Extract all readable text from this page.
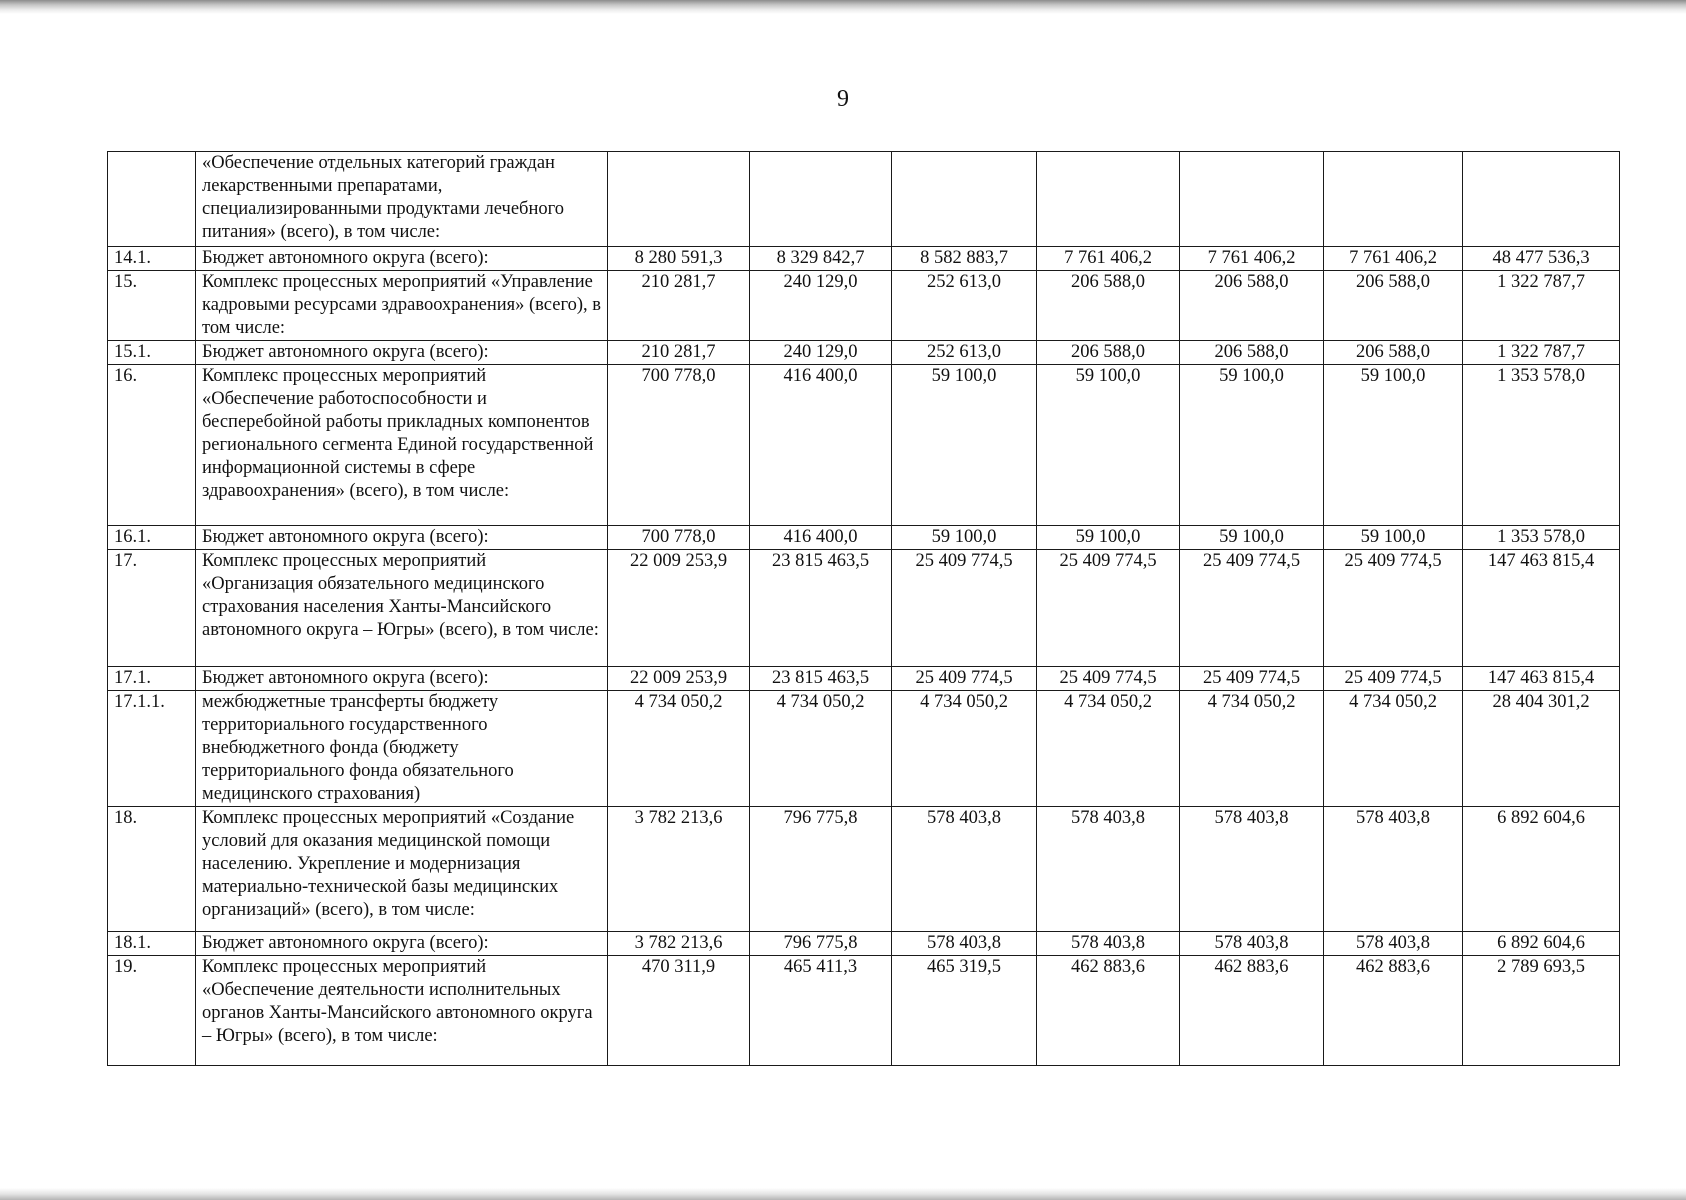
9
	«Обеспечение отдельных категорий граждан лекарственными препаратами, специализированными продуктами лечебного питания» (всего), в том числе:							
14.1.	Бюджет автономного округа (всего):	8 280 591,3	8 329 842,7	8 582 883,7	7 761 406,2	7 761 406,2	7 761 406,2	48 477 536,3
15.	Комплекс процессных мероприятий «Управление кадровыми ресурсами здравоохранения» (всего), в том числе:	210 281,7	240 129,0	252 613,0	206 588,0	206 588,0	206 588,0	1 322 787,7
15.1.	Бюджет автономного округа (всего):	210 281,7	240 129,0	252 613,0	206 588,0	206 588,0	206 588,0	1 322 787,7
16.	Комплекс процессных мероприятий «Обеспечение работоспособности и бесперебойной работы прикладных компонентов регионального сегмента Единой государственной информационной системы в сфере здравоохранения» (всего), в том числе:	700 778,0	416 400,0	59 100,0	59 100,0	59 100,0	59 100,0	1 353 578,0
16.1.	Бюджет автономного округа (всего):	700 778,0	416 400,0	59 100,0	59 100,0	59 100,0	59 100,0	1 353 578,0
17.	Комплекс процессных мероприятий «Организация обязательного медицинского страхования населения Ханты-Мансийского автономного округа – Югры» (всего), в том числе:	22 009 253,9	23 815 463,5	25 409 774,5	25 409 774,5	25 409 774,5	25 409 774,5	147 463 815,4
17.1.	Бюджет автономного округа (всего):	22 009 253,9	23 815 463,5	25 409 774,5	25 409 774,5	25 409 774,5	25 409 774,5	147 463 815,4
17.1.1.	межбюджетные трансферты бюджету территориального государственного внебюджетного фонда (бюджету территориального фонда обязательного медицинского страхования)	4 734 050,2	4 734 050,2	4 734 050,2	4 734 050,2	4 734 050,2	4 734 050,2	28 404 301,2
18.	Комплекс процессных мероприятий «Создание условий для оказания медицинской помощи населению. Укрепление и модернизация материально-технической базы медицинских организаций» (всего), в том числе:	3 782 213,6	796 775,8	578 403,8	578 403,8	578 403,8	578 403,8	6 892 604,6
18.1.	Бюджет автономного округа (всего):	3 782 213,6	796 775,8	578 403,8	578 403,8	578 403,8	578 403,8	6 892 604,6
19.	Комплекс процессных мероприятий «Обеспечение деятельности исполнительных органов Ханты-Мансийского автономного округа – Югры» (всего), в том числе:	470 311,9	465 411,3	465 319,5	462 883,6	462 883,6	462 883,6	2 789 693,5
